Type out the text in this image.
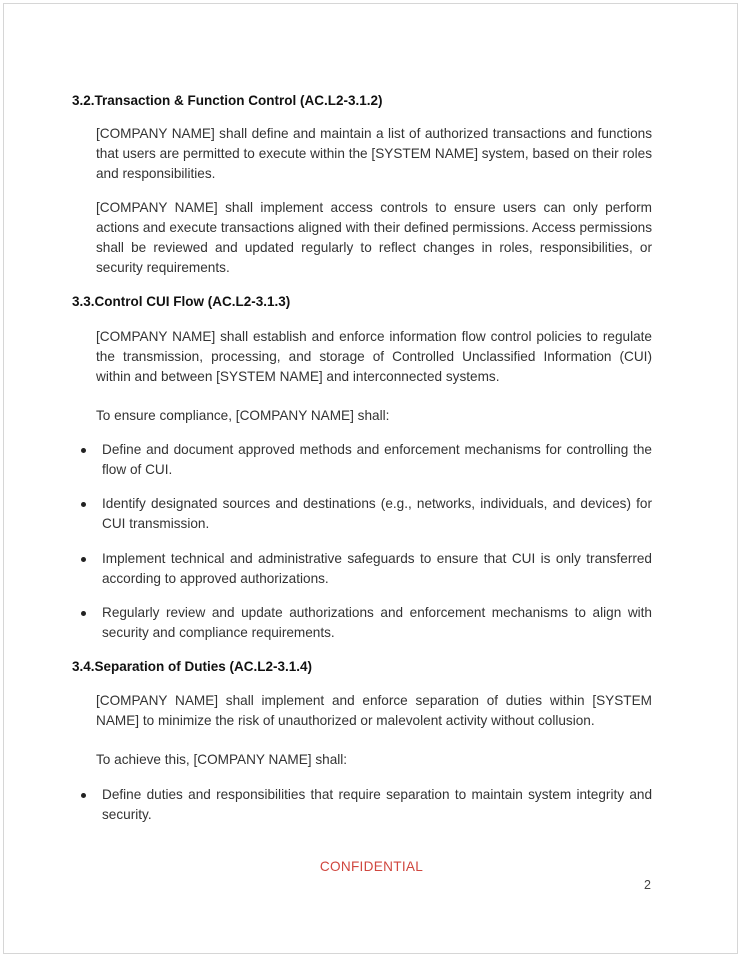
3.2.Transaction & Function Control (AC.L2-3.1.2)
[COMPANY NAME] shall define and maintain a list of authorized transactions and functions that users are permitted to execute within the [SYSTEM NAME] system, based on their roles and responsibilities.
[COMPANY NAME] shall implement access controls to ensure users can only perform actions and execute transactions aligned with their defined permissions. Access permissions shall be reviewed and updated regularly to reflect changes in roles, responsibilities, or security requirements.
3.3.Control CUI Flow (AC.L2-3.1.3)
[COMPANY NAME] shall establish and enforce information flow control policies to regulate the transmission, processing, and storage of Controlled Unclassified Information (CUI) within and between [SYSTEM NAME] and interconnected systems.
To ensure compliance, [COMPANY NAME] shall:
Define and document approved methods and enforcement mechanisms for controlling the flow of CUI.
Identify designated sources and destinations (e.g., networks, individuals, and devices) for CUI transmission.
Implement technical and administrative safeguards to ensure that CUI is only transferred according to approved authorizations.
Regularly review and update authorizations and enforcement mechanisms to align with security and compliance requirements.
3.4.Separation of Duties (AC.L2-3.1.4)
[COMPANY NAME] shall implement and enforce separation of duties within [SYSTEM NAME] to minimize the risk of unauthorized or malevolent activity without collusion.
To achieve this, [COMPANY NAME] shall:
Define duties and responsibilities that require separation to maintain system integrity and security.
CONFIDENTIAL
2
